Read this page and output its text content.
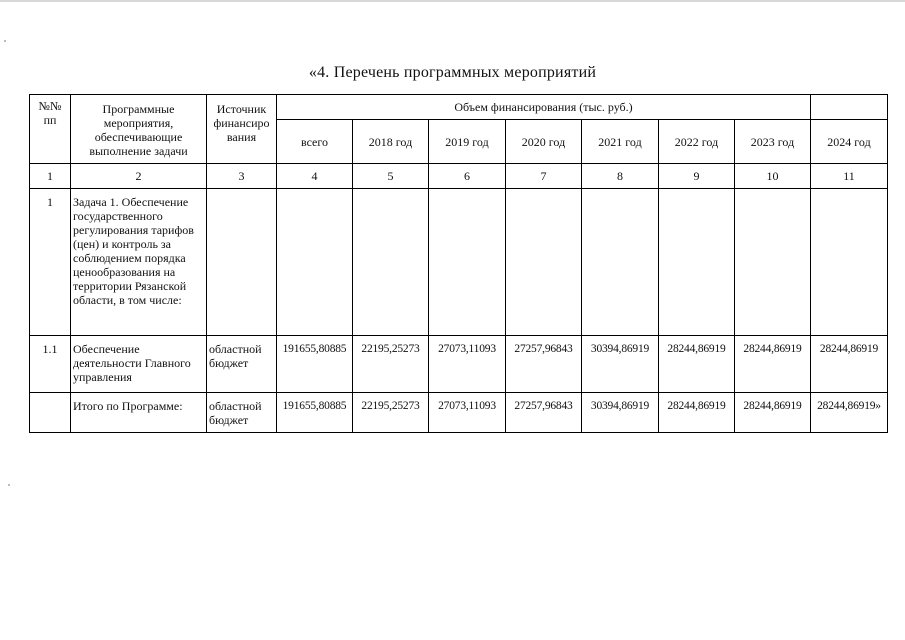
«4. Перечень программных мероприятий
№№
пп	Программные мероприятия, обеспечивающие выполнение задачи	Источник финансиро вания	Объем финансирования (тыс. руб.)							
			всего	2018 год	2019 год	2020 год	2021 год	2022 год	2023 год	2024 год
1	2	3	4	5	6	7	8	9	10	11
1	Задача 1. Обеспечение государственного регулирования тарифов (цен) и контроль за соблюдением порядка ценообразования на территории Рязанской области, в том числе:									
1.1	Обеспечение деятельности Главного управления	областной бюджет	191655,80885	22195,25273	27073,11093	27257,96843	30394,86919	28244,86919	28244,86919	28244,86919
	Итого по Программе:	областной бюджет	191655,80885	22195,25273	27073,11093	27257,96843	30394,86919	28244,86919	28244,86919	28244,86919»
